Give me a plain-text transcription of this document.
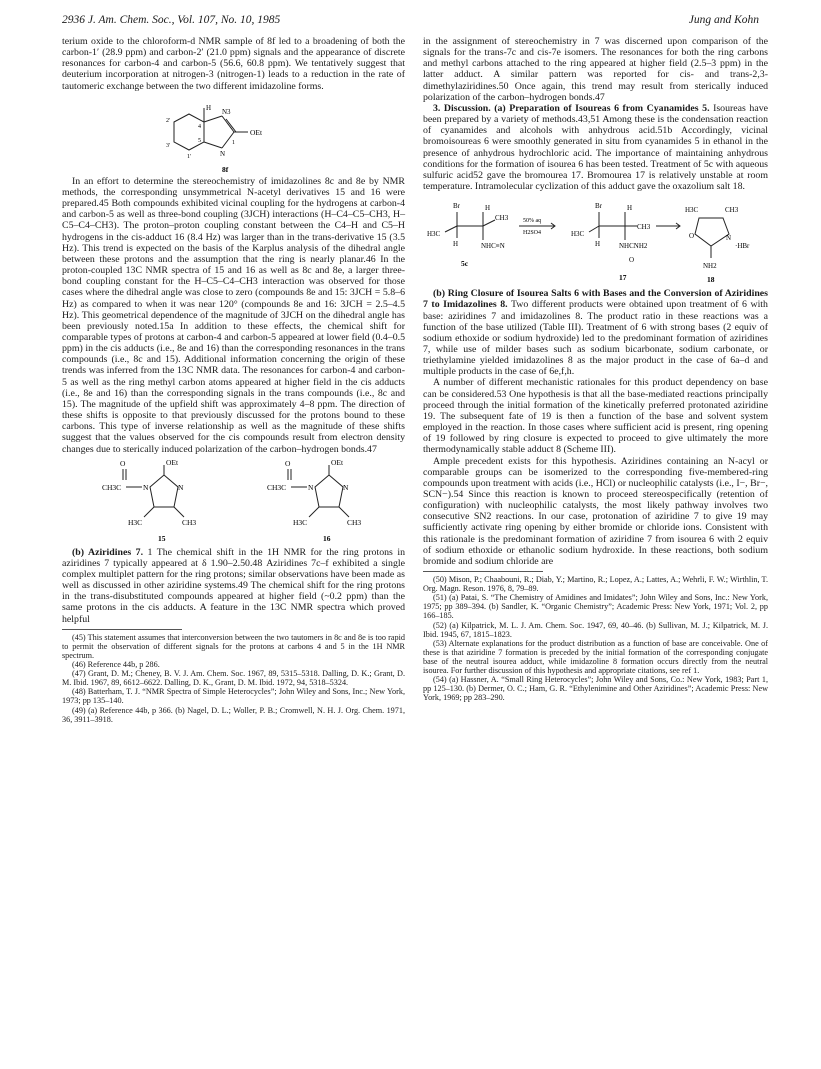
2936 J. Am. Chem. Soc., Vol. 107, No. 10, 1985	Jung and Kohn

terium oxide to the chloroform-d NMR sample of 8f led to a broadening of both the carbon-1′ (28.9 ppm) and carbon-2′ (21.0 ppm) signals and the appearance of discrete resonances for carbon-4 and carbon-5 (56.6, 60.8 ppm). We tentatively suggest that deuterium incorporation at nitrogen-3 (nitrogen-1) leads to a reduction in the rate of tautomeric exchange between the two different imidazoline forms.

H
4
5
N3
N
OEt
2′
3′
1′
1
8f

In an effort to determine the stereochemistry of imidazolines 8c and 8e by NMR methods, the corresponding unsymmetrical N-acetyl derivatives 15 and 16 were prepared.45 Both compounds exhibited vicinal coupling for the hydrogens at carbon-4 and carbon-5 as well as three-bond coupling (3JCH) interactions (H–C4–C5–CH3, H–C5–C4–CH3). The proton–proton coupling constant between the C4–H and C5–H hydrogens in the cis-adduct 16 (8.4 Hz) was larger than in the trans-derivative 15 (3.5 Hz). This trend is expected on the basis of the Karplus analysis of the dihedral angle between these protons and the assumption that the ring is nearly planar.46 In the proton-coupled 13C NMR spectra of 15 and 16 as well as 8c and 8e, a larger three-bond coupling constant for the H–C5–C4–CH3 interaction was observed for those cases where the dihedral angle was close to zero (compounds 8e and 15: 3JCH = 5.8–6 Hz) as compared to when it was near 120° (compounds 8e and 16: 3JCH = 2.5–4.5 Hz). This geometrical dependence of the magnitude of 3JCH on the dihedral angle has been previously noted.15a In addition to these effects, the chemical shift for comparable types of protons at carbon-4 and carbon-5 appeared at lower field (0.4–0.5 ppm) in the cis adducts (i.e., 8e and 16) than the corresponding resonances in the trans compounds (i.e., 8c and 15). Additional information concerning the origin of these trends was inferred from the 13C NMR data. The resonances for carbon-4 and carbon-5 as well as the ring methyl carbon atoms appeared at higher field in the cis adducts (i.e., 8e and 16) than the corresponding signals in the trans compounds (i.e., 8c and 15). The magnitude of the upfield shift was approximately 4–8 ppm. The direction of these shifts is opposite to that previously discussed for the protons bound to these carbons. This type of inverse relationship as well as the magnitude of these shifts suggest that the values observed for the cis compounds result from electron density changes due to sterically induced polarization of the carbon–hydrogen bonds.47

O
CH3C	N	N
OEt
H3C	CH3
15
O
CH3C	N	N
OEt
H3C	CH3
16

(b) Aziridines 7. 1 The chemical shift in the 1H NMR for the ring protons in aziridines 7 typically appeared at δ 1.90–2.50.48 Aziridines 7c–f exhibited a single complex multiplet pattern for the ring protons; similar observations have been made as well as discussed in other aziridine systems.49 The chemical shift for the ring protons in the trans-disubstituted compounds appeared at higher field (~0.2 ppm) than the same protons in the cis adducts. A feature in the 13C NMR spectra which proved helpful

(45) This statement assumes that interconversion between the two tautomers in 8c and 8e is too rapid to permit the observation of different signals for the protons at carbons 4 and 5 in the 1H NMR spectrum.

(46) Reference 44b, p 286.

(47) Grant, D. M.; Cheney, B. V. J. Am. Chem. Soc. 1967, 89, 5315–5318. Dalling, D. K.; Grant, D. M. Ibid. 1967, 89, 6612–6622. Dalling, D. K., Grant, D. M. Ibid. 1972, 94, 5318–5324.

(48) Batterham, T. J. “NMR Spectra of Simple Heterocycles”; John Wiley and Sons, Inc.; New York, 1973; pp 135–140.

(49) (a) Reference 44b, p 366. (b) Nagel, D. L.; Woller, P. B.; Cromwell, N. H. J. Org. Chem. 1971, 36, 3911–3918.

in the assignment of stereochemistry in 7 was discerned upon comparison of the signals for the trans-7c and cis-7e isomers. The resonances for both the ring carbons and methyl carbons attached to the ring appeared at higher field (2.5–3 ppm) in the latter adduct. A similar pattern was reported for cis- and trans-2,3-dimethylaziridines.50 Once again, this trend may result from sterically induced polarization of the carbon–hydrogen bonds.47

3. Discussion. (a) Preparation of Isoureas 6 from Cyanamides 5. Isoureas have been prepared by a variety of methods.43,51 Among these is the condensation reaction of cyanamides and alcohols with anhydrous acid.51b Accordingly, vicinal bromoisoureas 6 were smoothly generated in situ from cyanamides 5 in ethanol in the presence of anhydrous hydrochloric acid. The importance of maintaining anhydrous conditions for the formation of isourea 6 has been tested. Treatment of 5c with aqueous sulfuric acid52 gave the bromourea 17. Bromourea 17 is relatively unstable at room temperature. Intramolecular cyclization of this adduct gave the oxazolium salt 18.

Br	H
CH3
H3C
H	NHC≡N
5c
50% aq
H2SO4
Br	H
CH3
H3C
H	NHCNH2
O
17
H3C	CH3
O	N
·HBr
NH2
18

(b) Ring Closure of Isourea Salts 6 with Bases and the Conversion of Aziridines 7 to Imidazolines 8. Two different products were obtained upon treatment of 6 with base: aziridines 7 and imidazolines 8. The product ratio in these reactions was a function of the base utilized (Table III). Treatment of 6 with strong bases (2 equiv of sodium ethoxide or sodium hydroxide) led to the predominant formation of aziridines 7, while use of milder bases such as sodium bicarbonate, sodium carbonate, or triethylamine yielded imidazolines 8 as the major product in the case of 6a–d and multiple products in the case of 6e,f,h.

A number of different mechanistic rationales for this product dependency on base can be considered.53 One hypothesis is that all the base-mediated reactions principally proceed through the initial formation of the kinetically preferred protonated aziridine 19. The subsequent fate of 19 is then a function of the base and solvent system employed in the reaction. In those cases where sufficient acid is present, ring opening of 19 followed by ring closure is expected to proceed to give ultimately the more thermodynamically stable adduct 8 (Scheme III).

Ample precedent exists for this hypothesis. Aziridines containing an N-acyl or comparable groups can be isomerized to the corresponding five-membered-ring compounds upon treatment with acids (i.e., HCl) or nucleophilic catalysts (i.e., I−, Br−, SCN−).54 Since this reaction is known to proceed stereospecifically (retention of configuration) with nucleophilic catalysts, the most likely pathway involves two consecutive SN2 reactions. In our case, protonation of aziridine 7 to give 19 may sufficiently activate ring opening by either bromide or chloride ions. Consistent with this rationale is the predominant formation of aziridine 7 from isourea 6 with 2 equiv of sodium ethoxide or ethanolic sodium hydroxide. In these reactions, both sodium bromide and sodium chloride are

(50) Mison, P.; Chaabouni, R.; Diab, Y.; Martino, R.; Lopez, A.; Lattes, A.; Wehrli, F. W.; Wirthlin, T. Org. Magn. Reson. 1976, 8, 79–89.

(51) (a) Patai, S. “The Chemistry of Amidines and Imidates”; John Wiley and Sons, Inc.: New York, 1975; pp 389–394. (b) Sandler, K. “Organic Chemistry”; Academic Press: New York, 1971; Vol. 2, pp 166–185.

(52) (a) Kilpatrick, M. L. J. Am. Chem. Soc. 1947, 69, 40–46. (b) Sullivan, M. J.; Kilpatrick, M. J. Ibid. 1945, 67, 1815–1823.

(53) Alternate explanations for the product distribution as a function of base are conceivable. One of these is that aziridine 7 formation is preceded by the initial formation of the corresponding conjugate base of the neutral isourea adduct, while imidazoline 8 formation occurs directly from the neutral isourea. For further discussion of this hypothesis and appropriate citations, see ref 1.

(54) (a) Hassner, A. “Small Ring Heterocycles”; John Wiley and Sons, Co.: New York, 1983; Part 1, pp 125–130. (b) Dermer, O. C.; Ham, G. R. “Ethylenimine and Other Aziridines”; Academic Press: New York, 1969; pp 283–290.
